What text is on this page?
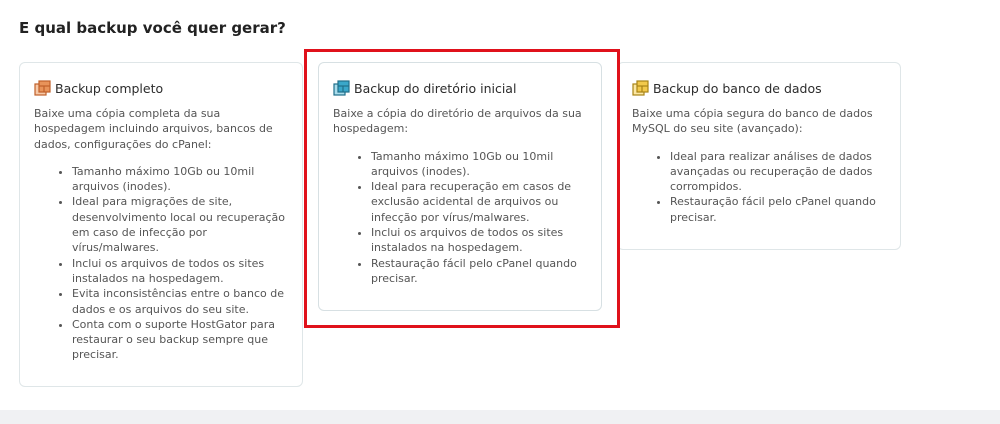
E qual backup você quer gerar?
Backup completo

Baixe uma cópia completa da sua hospedagem incluindo arquivos, bancos de dados, configurações do cPanel:

• Tamanho máximo 10Gb ou 10mil arquivos (inodes).
• Ideal para migrações de site, desenvolvimento local ou recuperação em caso de infecção por vírus/malwares.
• Inclui os arquivos de todos os sites instalados na hospedagem.
• Evita inconsistências entre o banco de dados e os arquivos do seu site.
• Conta com o suporte HostGator para restaurar o seu backup sempre que precisar.
Backup do diretório inicial

Baixe a cópia do diretório de arquivos da sua hospedagem:

• Tamanho máximo 10Gb ou 10mil arquivos (inodes).
• Ideal para recuperação em casos de exclusão acidental de arquivos ou infecção por vírus/malwares.
• Inclui os arquivos de todos os sites instalados na hospedagem.
• Restauração fácil pelo cPanel quando precisar.
Backup do banco de dados

Baixe uma cópia segura do banco de dados MySQL do seu site (avançado):

• Ideal para realizar análises de dados avançadas ou recuperação de dados corrompidos.
• Restauração fácil pelo cPanel quando precisar.
